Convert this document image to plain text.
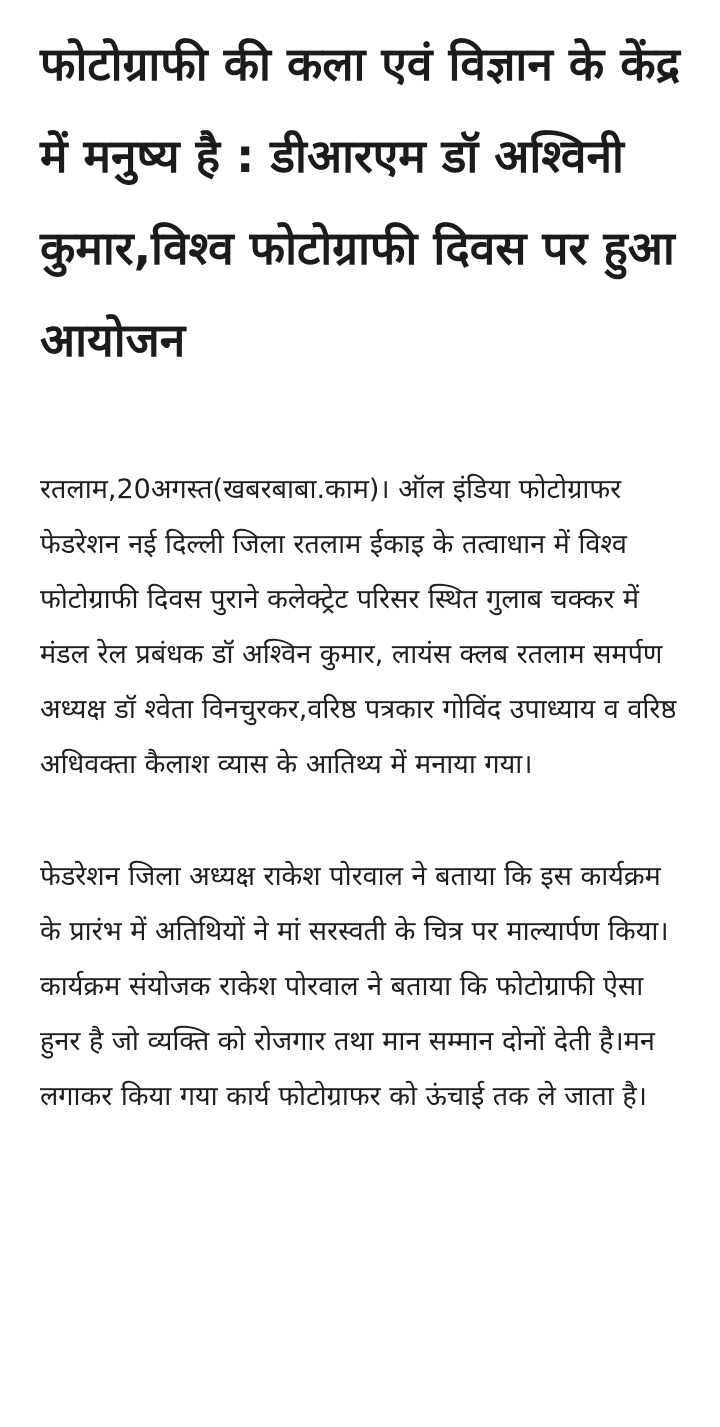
फोटोग्राफी की कला एवं विज्ञान के केंद्र में मनुष्य है : डीआरएम डॉ अश्विनी कुमार,विश्व फोटोग्राफी दिवस पर हुआ आयोजन

रतलाम,20अगस्त(खबरबाबा.काम)। ऑल इंडिया फोटोग्राफर फेडरेशन नई दिल्ली जिला रतलाम ईकाइ के तत्वाधान में विश्व फोटोग्राफी दिवस पुराने कलेक्ट्रेट परिसर स्थित गुलाब चक्कर में मंडल रेल प्रबंधक डॉ अश्विन कुमार, लायंस क्लब रतलाम समर्पण अध्यक्ष डॉ श्वेता विनचुरकर,वरिष्ठ पत्रकार गोविंद उपाध्याय व वरिष्ठ अधिवक्ता कैलाश व्यास के आतिथ्य में मनाया गया।

फेडरेशन जिला अध्यक्ष राकेश पोरवाल ने बताया कि इस कार्यक्रम के प्रारंभ में अतिथियों ने मां सरस्वती के चित्र पर माल्यार्पण किया। कार्यक्रम संयोजक राकेश पोरवाल ने बताया कि फोटोग्राफी ऐसा हुनर है जो व्यक्ति को रोजगार तथा मान सम्मान दोनों देती है।मन लगाकर किया गया कार्य फोटोग्राफर को ऊंचाई तक ले जाता है।
